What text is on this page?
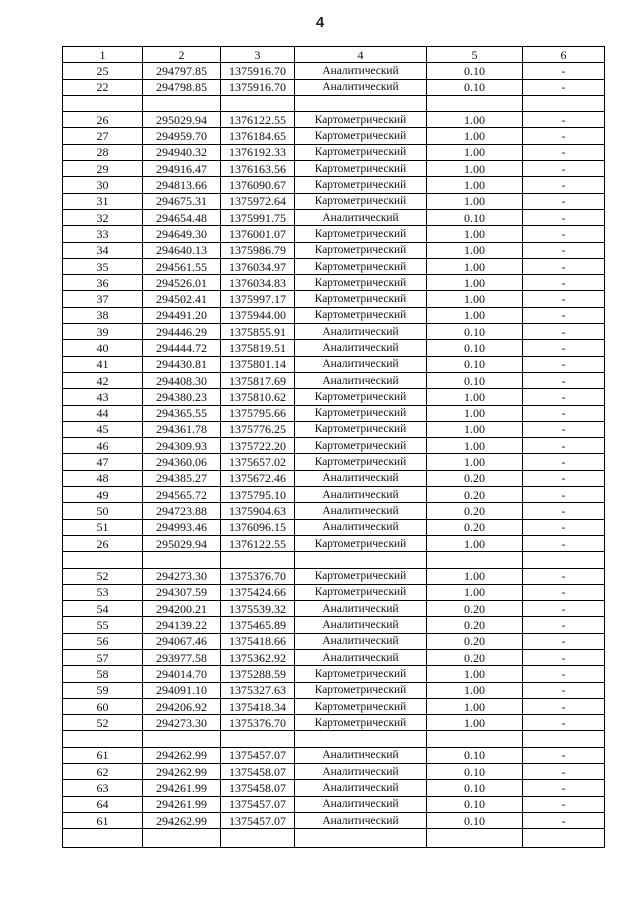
4
1	2	3	4	5	6
25	294797.85	1375916.70	Аналитический	0.10	-
22	294798.85	1375916.70	Аналитический	0.10	-

26	295029.94	1376122.55	Картометрический	1.00	-
27	294959.70	1376184.65	Картометрический	1.00	-
28	294940.32	1376192.33	Картометрический	1.00	-
29	294916.47	1376163.56	Картометрический	1.00	-
30	294813.66	1376090.67	Картометрический	1.00	-
31	294675.31	1375972.64	Картометрический	1.00	-
32	294654.48	1375991.75	Аналитический	0.10	-
33	294649.30	1376001.07	Картометрический	1.00	-
34	294640.13	1375986.79	Картометрический	1.00	-
35	294561.55	1376034.97	Картометрический	1.00	-
36	294526.01	1376034.83	Картометрический	1.00	-
37	294502.41	1375997.17	Картометрический	1.00	-
38	294491.20	1375944.00	Картометрический	1.00	-
39	294446.29	1375855.91	Аналитический	0.10	-
40	294444.72	1375819.51	Аналитический	0.10	-
41	294430.81	1375801.14	Аналитический	0.10	-
42	294408.30	1375817.69	Аналитический	0.10	-
43	294380.23	1375810.62	Картометрический	1.00	-
44	294365.55	1375795.66	Картометрический	1.00	-
45	294361.78	1375776.25	Картометрический	1.00	-
46	294309.93	1375722.20	Картометрический	1.00	-
47	294360.06	1375657.02	Картометрический	1.00	-
48	294385.27	1375672.46	Аналитический	0.20	-
49	294565.72	1375795.10	Аналитический	0.20	-
50	294723.88	1375904.63	Аналитический	0.20	-
51	294993.46	1376096.15	Аналитический	0.20	-
26	295029.94	1376122.55	Картометрический	1.00	-

52	294273.30	1375376.70	Картометрический	1.00	-
53	294307.59	1375424.66	Картометрический	1.00	-
54	294200.21	1375539.32	Аналитический	0.20	-
55	294139.22	1375465.89	Аналитический	0.20	-
56	294067.46	1375418.66	Аналитический	0.20	-
57	293977.58	1375362.92	Аналитический	0.20	-
58	294014.70	1375288.59	Картометрический	1.00	-
59	294091.10	1375327.63	Картометрический	1.00	-
60	294206.92	1375418.34	Картометрический	1.00	-
52	294273.30	1375376.70	Картометрический	1.00	-

61	294262.99	1375457.07	Аналитический	0.10	-
62	294262.99	1375458.07	Аналитический	0.10	-
63	294261.99	1375458.07	Аналитический	0.10	-
64	294261.99	1375457.07	Аналитический	0.10	-
61	294262.99	1375457.07	Аналитический	0.10	-
